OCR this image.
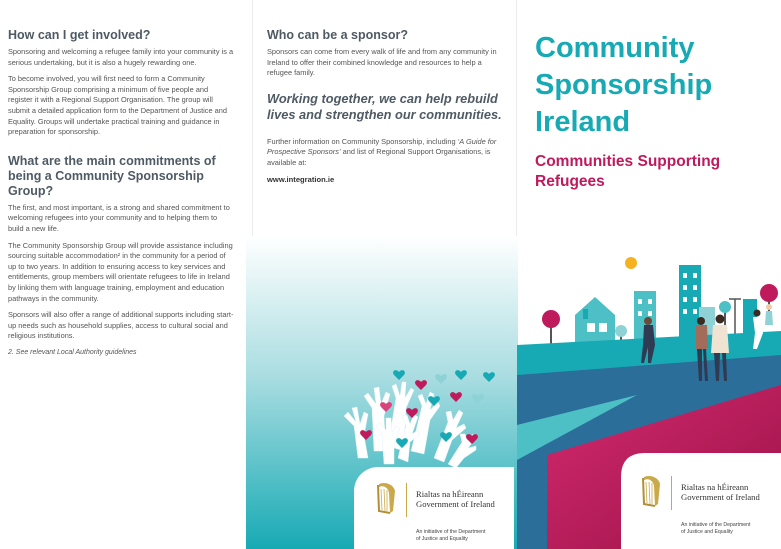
How can I get involved?

Sponsoring and welcoming a refugee family into your community is a serious undertaking, but it is also a hugely rewarding one.

To become involved, you will first need to form a Community Sponsorship Group comprising a minimum of five people and register it with a Regional Support Organisation. The group will submit a detailed application form to the Department of Justice and Equality. Groups will undertake practical training and guidance in preparation for sponsorship.

What are the main commitments of being a Community Sponsorship Group?

The first, and most important, is a strong and shared commitment to welcoming refugees into your community and to helping them to build a new life.

The Community Sponsorship Group will provide assistance including sourcing suitable accommodation² in the community for a period of up to two years. In addition to ensuring access to key services and entitlements, group members will orientate refugees to life in Ireland by linking them with language training, employment and education pathways in the community.

Sponsors will also offer a range of additional supports including start-up needs such as household supplies, access to cultural social and religious institutions.

2. See relevant Local Authority guidelines

Who can be a sponsor?

Sponsors can come from every walk of life and from any community in Ireland to offer their combined knowledge and resources to help a refugee family.

Working together, we can help rebuild lives and strengthen our communities.

Further information on Community Sponsorship, including ‘A Guide for Prospective Sponsors’ and list of Regional Support Organisations, is available at:

www.integration.ie
Rialtas na hÉireann
Government of Ireland
An initiative of the Department
of Justice and Equality
Community
Sponsorship
Ireland
Communities Supporting
Refugees
Rialtas na hÉireann
Government of Ireland
An initiative of the Department
of Justice and Equality
